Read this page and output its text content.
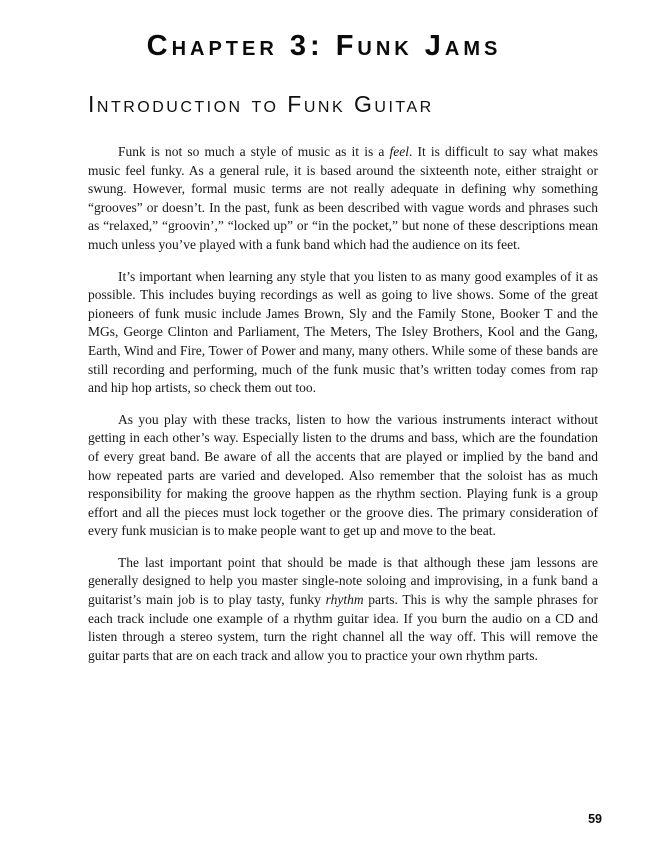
Chapter 3: Funk Jams
Introduction to Funk Guitar

Funk is not so much a style of music as it is a feel. It is difficult to say what makes music feel funky. As a general rule, it is based around the sixteenth note, either straight or swung. However, formal music terms are not really adequate in defining why something “grooves” or doesn’t. In the past, funk as been described with vague words and phrases such as “relaxed,” “groovin’,” “locked up” or “in the pocket,” but none of these descriptions mean much unless you’ve played with a funk band which had the audience on its feet.

It’s important when learning any style that you listen to as many good examples of it as possible. This includes buying recordings as well as going to live shows. Some of the great pioneers of funk music include James Brown, Sly and the Family Stone, Booker T and the MGs, George Clinton and Parliament, The Meters, The Isley Brothers, Kool and the Gang, Earth, Wind and Fire, Tower of Power and many, many others. While some of these bands are still recording and performing, much of the funk music that’s written today comes from rap and hip hop artists, so check them out too.

As you play with these tracks, listen to how the various instruments interact without getting in each other’s way. Especially listen to the drums and bass, which are the foundation of every great band. Be aware of all the accents that are played or implied by the band and how repeated parts are varied and developed. Also remember that the soloist has as much responsibility for making the groove happen as the rhythm section. Playing funk is a group effort and all the pieces must lock together or the groove dies. The primary consideration of every funk musician is to make people want to get up and move to the beat.

The last important point that should be made is that although these jam lessons are generally designed to help you master single-note soloing and improvising, in a funk band a guitarist’s main job is to play tasty, funky rhythm parts. This is why the sample phrases for each track include one example of a rhythm guitar idea. If you burn the audio on a CD and listen through a stereo system, turn the right channel all the way off. This will remove the guitar parts that are on each track and allow you to practice your own rhythm parts.

59
